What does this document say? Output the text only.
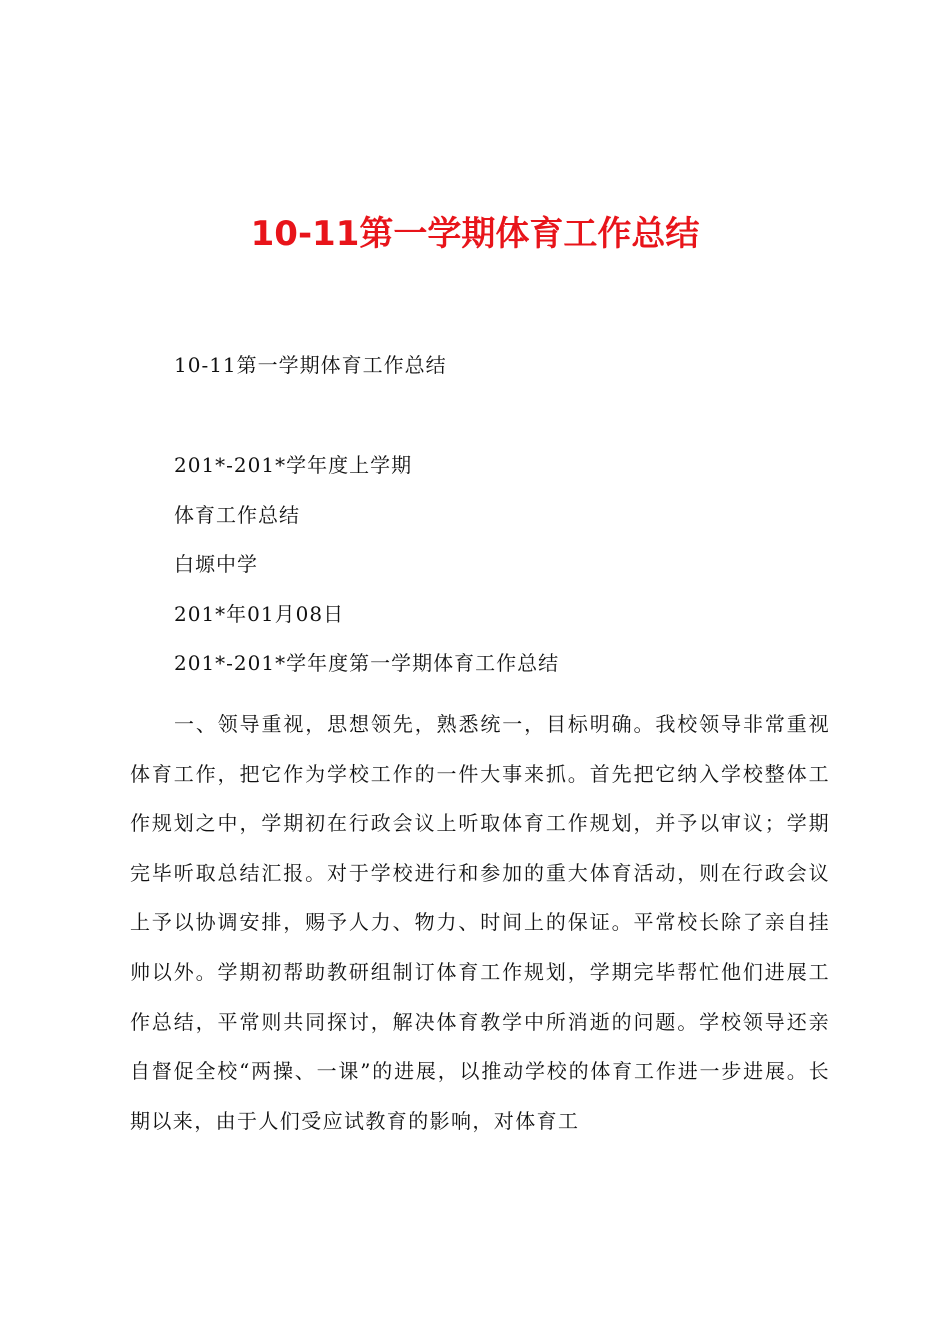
10-11第一学期体育工作总结
10-11第一学期体育工作总结
201*-201*学年度上学期
体育工作总结
白塬中学
201*年01月08日
201*-201*学年度第一学期体育工作总结
一、领导重视，思想领先，熟悉统一，目标明确。我校领导非常重视体育工作，把它作为学校工作的一件大事来抓。首先把它纳入学校整体工作规划之中，学期初在行政会议上听取体育工作规划，并予以审议；学期完毕听取总结汇报。对于学校进行和参加的重大体育活动，则在行政会议上予以协调安排，赐予人力、物力、时间上的保证。平常校长除了亲自挂帅以外。学期初帮助教研组制订体育工作规划，学期完毕帮忙他们进展工作总结，平常则共同探讨，解决体育教学中所消逝的问题。学校领导还亲自督促全校“两操、一课”的进展，以推动学校的体育工作进一步进展。长期以来，由于人们受应试教育的影响，对体育工
